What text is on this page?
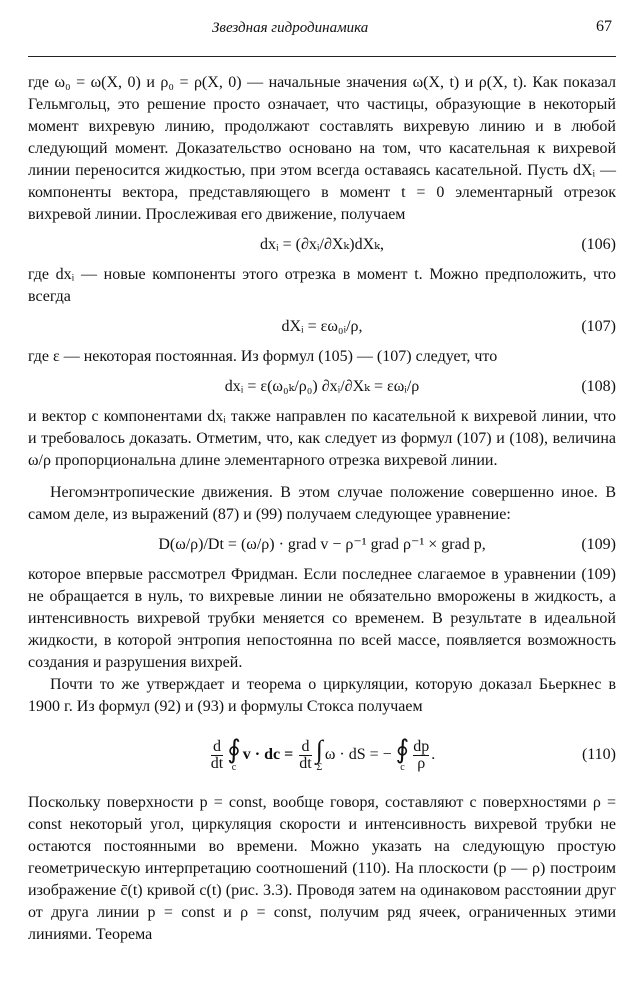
Звездная гидродинамика	67

где ω₀ = ω(X, 0) и ρ₀ = ρ(X, 0) — начальные значения ω(X, t) и ρ(X, t). Как показал Гельмгольц, это решение просто означает, что частицы, образующие в некоторый момент вихревую линию, продолжают составлять вихревую линию и в любой следующий момент. Доказательство основано на том, что касательная к вихревой линии переносится жидкостью, при этом всегда оставаясь касательной. Пусть dXᵢ — компоненты вектора, представляющего в момент t = 0 элементарный отрезок вихревой линии. Прослеживая его движение, получаем

dxᵢ = (∂xᵢ/∂Xₖ)dXₖ,	(106)

где dxᵢ — новые компоненты этого отрезка в момент t. Можно предположить, что всегда

dXᵢ = εω₀ᵢ/ρ,	(107)

где ε — некоторая постоянная. Из формул (105) — (107) следует, что

dxᵢ = ε(ω₀ₖ/ρ₀) ∂xᵢ/∂Xₖ = εωᵢ/ρ	(108)

и вектор с компонентами dxᵢ также направлен по касательной к вихревой линии, что и требовалось доказать. Отметим, что, как следует из формул (107) и (108), величина ω/ρ пропорциональна длине элементарного отрезка вихревой линии.

Негомэнтропические движения. В этом случае положение совершенно иное. В самом деле, из выражений (87) и (99) получаем следующее уравнение:

D(ω/ρ)/Dt = (ω/ρ) · grad v − ρ⁻¹ grad ρ⁻¹ × grad p,	(109)

которое впервые рассмотрел Фридман. Если последнее слагаемое в уравнении (109) не обращается в нуль, то вихревые линии не обязательно вморожены в жидкость, а интенсивность вихревой трубки меняется со временем. В результате в идеальной жидкости, в которой энтропия непостоянна по всей массе, появляется возможность создания и разрушения вихрей.

Почти то же утверждает и теорема о циркуляции, которую доказал Бьеркнес в 1900 г. Из формул (92) и (93) и формулы Стокса получаем

$\frac{d}{dt}$ ∮
c
v · dc = $\frac{d}{dt}$ ∫
Σ
ω · dS = − ∮
c $\frac{dp}{\rho}$ .	(110)

Поскольку поверхности p = const, вообще говоря, составляют с поверхностями ρ = const некоторый угол, циркуляция скорости и интенсивность вихревой трубки не остаются постоянными во времени. Можно указать на следующую простую геометрическую интерпретацию соотношений (110). На плоскости (p — ρ) построим изображение c̄(t) кривой c(t) (рис. 3.3). Проводя затем на одинаковом расстоянии друг от друга линии p = const и ρ = const, получим ряд ячеек, ограниченных этими линиями. Теорема
